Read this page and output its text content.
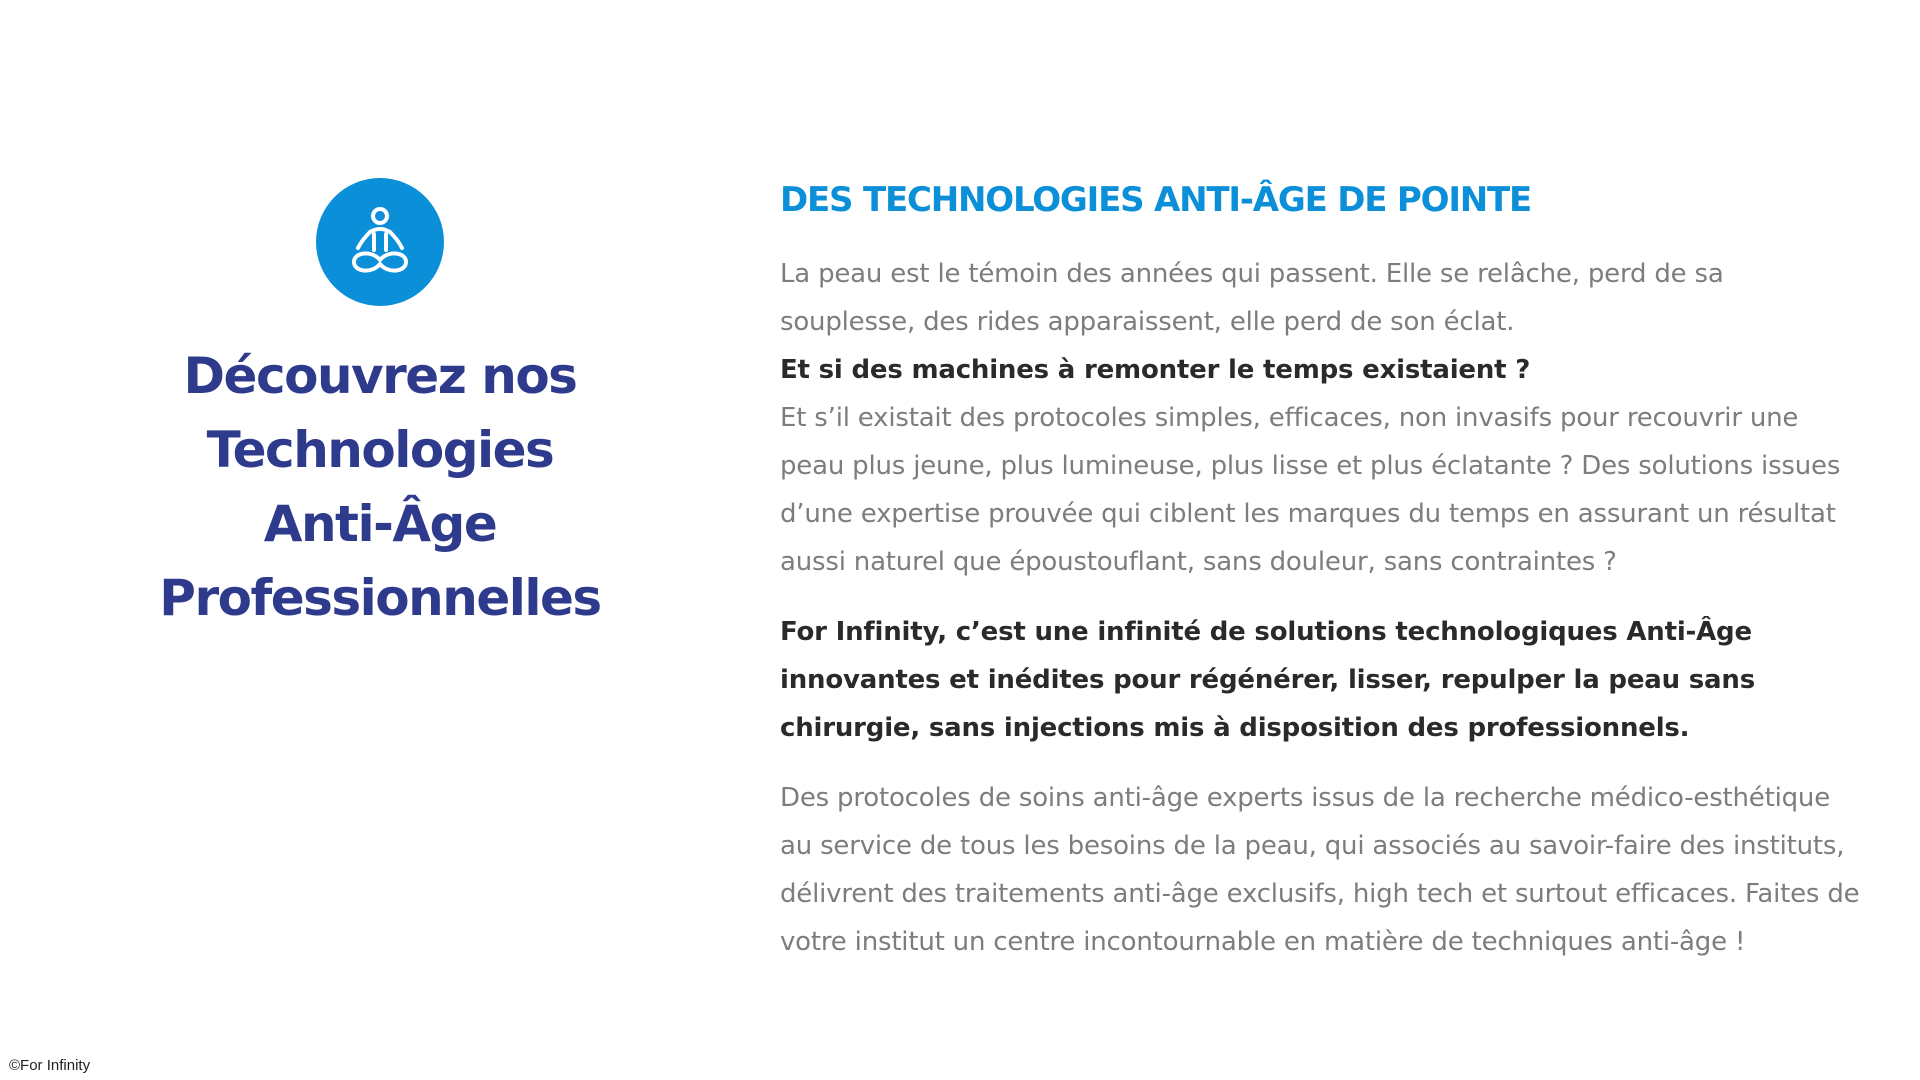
Découvrez nos Technologies
Anti-Âge Professionnelles
DES TECHNOLOGIES ANTI-ÂGE DE POINTE

La peau est le témoin des années qui passent. Elle se relâche, perd de sa souplesse, des rides apparaissent, elle perd de son éclat.

Et si des machines à remonter le temps existaient ?

Et s’il existait des protocoles simples, efficaces, non invasifs pour recouvrir une peau plus jeune, plus lumineuse, plus lisse et plus éclatante ? Des solutions issues d’une expertise prouvée qui ciblent les marques du temps en assurant un résultat aussi naturel que époustouflant, sans douleur, sans contraintes ?

For Infinity, c’est une infinité de solutions technologiques Anti-Âge innovantes et inédites pour régénérer, lisser, repulper la peau sans chirurgie, sans injections mis à disposition des professionnels.

Des protocoles de soins anti-âge experts issus de la recherche médico-esthétique au service de tous les besoins de la peau, qui associés au savoir-faire des instituts, délivrent des traitements anti-âge exclusifs, high tech et surtout efficaces. Faites de votre institut un centre incontournable en matière de techniques anti-âge !

©For Infinity
